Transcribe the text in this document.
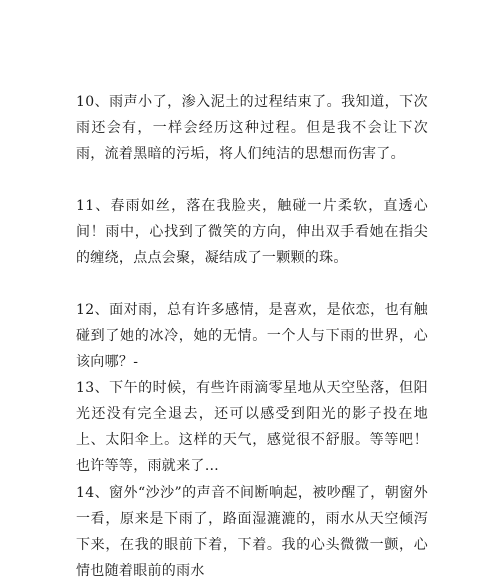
10、雨声小了，渗入泥土的过程结束了。我知道，下次雨还会有，一样会经历这种过程。但是我不会让下次雨，流着黑暗的污垢，将人们纯洁的思想而伤害了。

11、春雨如丝，落在我脸夹，触碰一片柔软，直透心间！雨中，心找到了微笑的方向，伸出双手看她在指尖的缠绕，点点会聚，凝结成了一颗颗的珠。

12、面对雨，总有许多感情，是喜欢，是依恋，也有触碰到了她的冰冷，她的无情。一个人与下雨的世界，心该向哪？-

13、下午的时候，有些许雨滴零星地从天空坠落，但阳光还没有完全退去，还可以感受到阳光的影子投在地上、太阳伞上。这样的天气，感觉很不舒服。等等吧！也许等等，雨就来了…

14、窗外“沙沙”的声音不间断响起，被吵醒了，朝窗外一看，原来是下雨了，路面湿漉漉的，雨水从天空倾泻下来，在我的眼前下着，下着。我的心头微微一颤，心情也随着眼前的雨水
